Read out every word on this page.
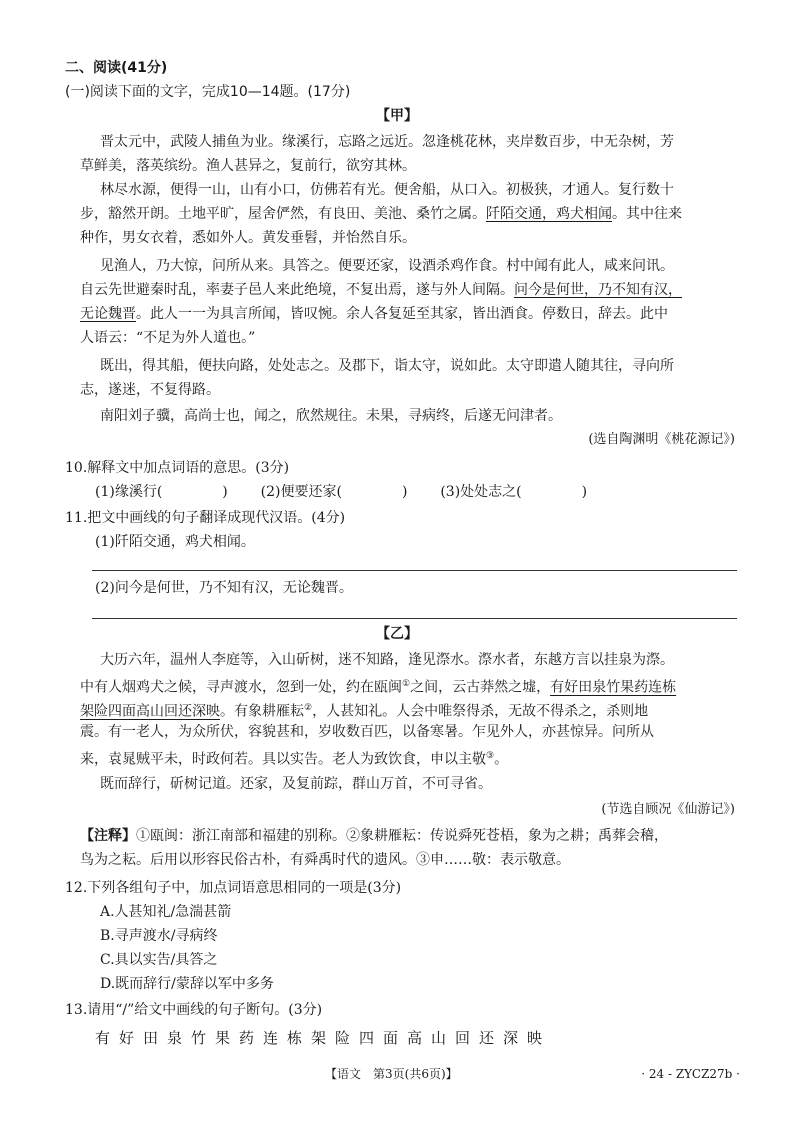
二、阅读(41分)
(一)阅读下面的文字，完成10—14题。(17分)
【甲】
晋太元中，武陵人捕鱼为业。缘溪行，忘路之远近。忽逢桃花林，夹岸数百步，中无杂树，芳
草鲜美，落英缤纷。渔人甚异之，复前行，欲穷其林。
林尽水源，便得一山，山有小口，仿佛若有光。便舍船，从口入。初极狭，才通人。复行数十
步，豁然开朗。土地平旷，屋舍俨然，有良田、美池、桑竹之属。阡陌交通，鸡犬相闻。其中往来
种作，男女衣着，悉如外人。黄发垂髫，并怡然自乐。
见渔人，乃大惊，问所从来。具答之。便要还家，设酒杀鸡作食。村中闻有此人，咸来问讯。
自云先世避秦时乱，率妻子邑人来此绝境，不复出焉，遂与外人间隔。问今是何世，乃不知有汉，
无论魏晋。此人一一为具言所闻，皆叹惋。余人各复延至其家，皆出酒食。停数日，辞去。此中
人语云：“不足为外人道也。”
既出，得其船，便扶向路，处处志之。及郡下，诣太守，说如此。太守即遣人随其往，寻向所
志，遂迷，不复得路。
南阳刘子骥，高尚士也，闻之，欣然规往。未果，寻病终，后遂无问津者。
(选自陶渊明《桃花源记》)
10.解释文中加点词语的意思。(3分)
(1)缘溪行(	) (2)便要还家(	) (3)处处志之(	)
11.把文中画线的句子翻译成现代汉语。(4分)
(1)阡陌交通，鸡犬相闻。
(2)问今是何世，乃不知有汉，无论魏晋。
【乙】
大历六年，温州人李庭等，入山斫树，迷不知路，逢见漈水。漈水者，东越方言以挂泉为漈。
中有人烟鸡犬之候，寻声渡水，忽到一处，约在瓯闽①之间，云古莽然之墟，有好田泉竹果药连栋
架险四面高山回还深映。有象耕雁耘②，人甚知礼。人会中唯祭得杀，无故不得杀之，杀则地
震。有一老人，为众所伏，容貌甚和，岁收数百匹，以备寒暑。乍见外人，亦甚惊异。问所从
来，袁晁贼平未，时政何若。具以实告。老人为致饮食，申以主敬③。
既而辞行，斫树记道。还家，及复前踪，群山万首，不可寻省。
(节选自顾况《仙游记》)
【注释】①瓯闽：浙江南部和福建的别称。②象耕雁耘：传说舜死苍梧，象为之耕；禹葬会稽，
鸟为之耘。后用以形容民俗古朴，有舜禹时代的遗风。③申……敬：表示敬意。
12.下列各组句子中，加点词语意思相同的一项是(3分)
A.人甚知礼/急湍甚箭
B.寻声渡水/寻病终
C.具以实告/具答之
D.既而辞行/蒙辞以军中多务
13.请用“/”给文中画线的句子断句。(3分)
有好田泉竹果药连栋架险四面高山回还深映
【语文　第3页(共6页)】	· 24 - ZYCZ27b ·
